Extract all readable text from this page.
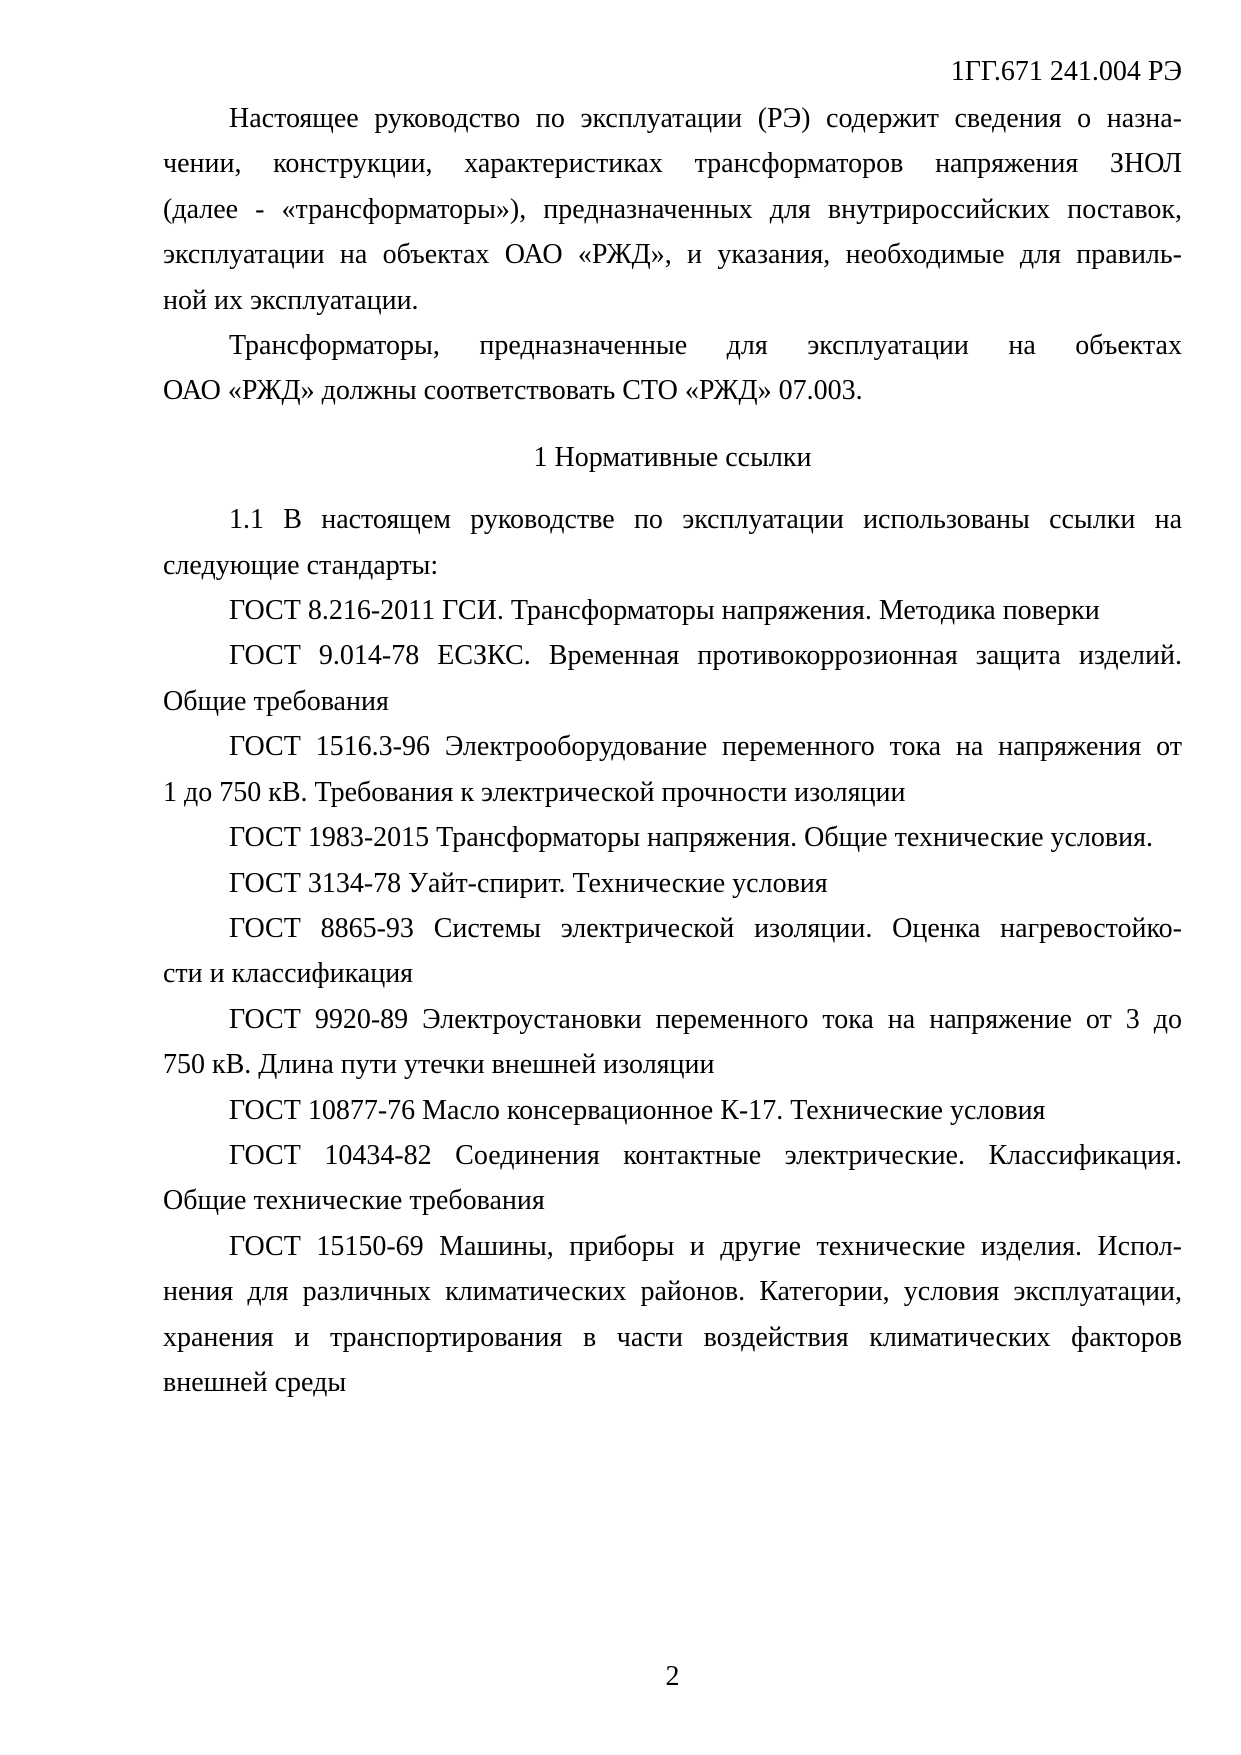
1ГГ.671 241.004 РЭ
Настоящее руководство по эксплуатации (РЭ) содержит сведения о назна-
чении, конструкции, характеристиках трансформаторов напряжения ЗНОЛ
(далее - «трансформаторы»), предназначенных для внутрироссийских поставок,
эксплуатации на объектах ОАО «РЖД», и указания, необходимые для правиль-
ной их эксплуатации.
Трансформаторы, предназначенные для эксплуатации на объектах
ОАО «РЖД» должны соответствовать СТО «РЖД» 07.003.
1 Нормативные ссылки
1.1 В настоящем руководстве по эксплуатации использованы ссылки на
следующие стандарты:
ГОСТ 8.216-2011 ГСИ. Трансформаторы напряжения. Методика поверки
ГОСТ 9.014-78 ЕСЗКС. Временная противокоррозионная защита изделий.
Общие требования
ГОСТ 1516.3-96 Электрооборудование переменного тока на напряжения от
1 до 750 кВ. Требования к электрической прочности изоляции
ГОСТ 1983-2015 Трансформаторы напряжения. Общие технические условия.
ГОСТ 3134-78 Уайт-спирит. Технические условия
ГОСТ 8865-93 Системы электрической изоляции. Оценка нагревостойко-
сти и классификация
ГОСТ 9920-89 Электроустановки переменного тока на напряжение от 3 до
750 кВ. Длина пути утечки внешней изоляции
ГОСТ 10877-76 Масло консервационное К-17. Технические условия
ГОСТ 10434-82 Соединения контактные электрические. Классификация.
Общие технические требования
ГОСТ 15150-69 Машины, приборы и другие технические изделия. Испол-
нения для различных климатических районов. Категории, условия эксплуатации,
хранения и транспортирования в части воздействия климатических факторов
внешней среды
2
